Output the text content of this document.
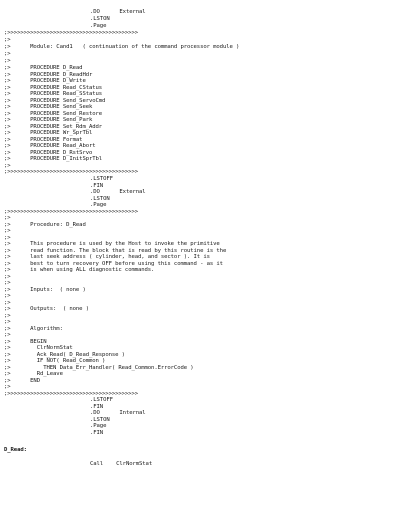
.DO      External
.LSTON
.Page
;>>>>>>>>>>>>>>>>>>>>>>>>>>>>>>>>>>>>>>>>
;>
;>      Module: Cand1   ( continuation of the command processor module )
;>
;>
;>      PROCEDURE D_Read
;>      PROCEDURE D_ReadHdr
;>      PROCEDURE D_Write
;>      PROCEDURE Read_CStatus
;>      PROCEDURE Read_SStatus
;>      PROCEDURE Send_ServoCmd
;>      PROCEDURE Send_Seek
;>      PROCEDURE Send_Restore
;>      PROCEDURE Send_Park
;>      PROCEDURE Set_Rdm_Addr
;>      PROCEDURE Wr_SprTbl
;>      PROCEDURE Format
;>      PROCEDURE Read_Abort
;>      PROCEDURE D_RstSrvo
;>      PROCEDURE D_InitSprTbl
;>
;>>>>>>>>>>>>>>>>>>>>>>>>>>>>>>>>>>>>>>>>
.LSTOFF
.FIN
.DO      External
.LSTON
.Page
;>>>>>>>>>>>>>>>>>>>>>>>>>>>>>>>>>>>>>>>>
;>
;>      Procedure: D_Read
;>
;>
;>      This procedure is used by the Host to invoke the primitive
;>      read function. The block that is read by this routine is the
;>      last seek address ( cylinder, head, and sector ). It is
;>      best to turn recovery OFF before using this command - as it
;>      is when using ALL diagnostic commands.
;>
;>
;>      Inputs:  ( none )
;>
;>
;>      Outputs:  ( none )
;>
;>
;>      Algorithm:
;>
;>      BEGIN
;>        ClrNormStat
;>        Ack_Read( D_Read_Response )
;>        IF NOT( Read_Common )
;>          THEN Data_Err_Handler( Read_Common.ErrorCode )
;>        Rd_Leave
;>      END
;>
;>>>>>>>>>>>>>>>>>>>>>>>>>>>>>>>>>>>>>>>>
.LSTOFF
.FIN
.DO      Internal
.LSTON
.Page
.FIN
D_Read:
Call    ClrNormStat
